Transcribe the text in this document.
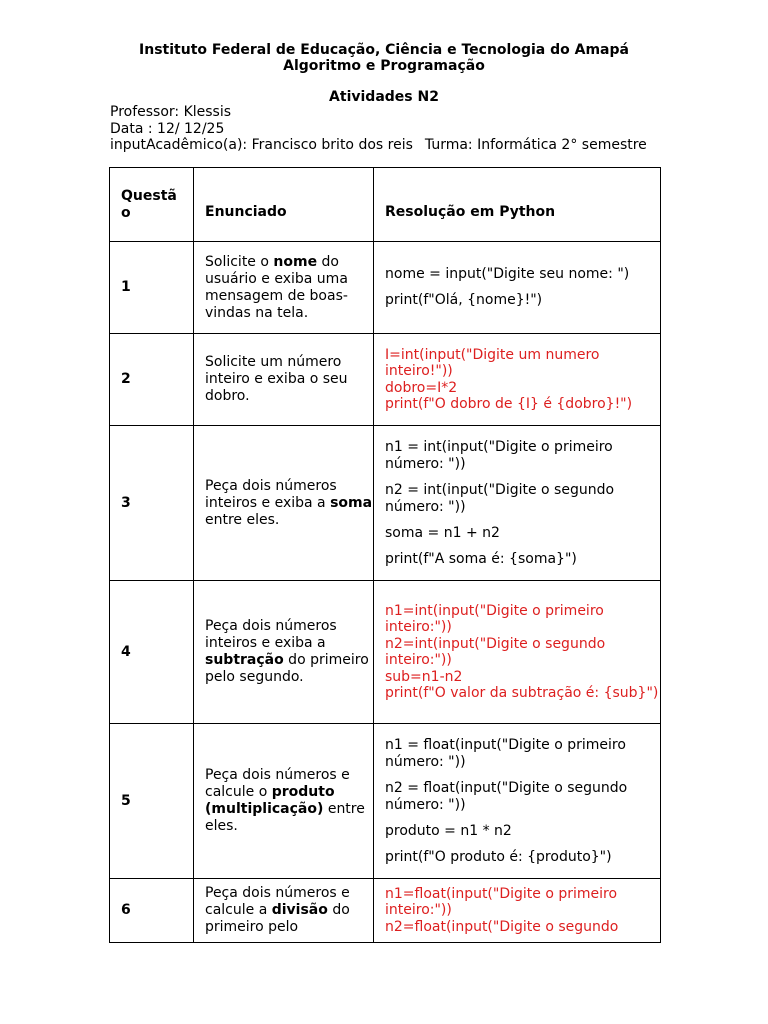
Instituto Federal de Educação, Ciência e Tecnologia do Amapá
Algoritmo e Programação
Atividades N2
Professor: Klessis
Data : 12/ 12/25
inputAcadêmico(a): Francisco brito dos reis Turma: Informática 2° semestre
Questão	Enunciado	Resolução em Python
1	Solicite o nome do usuário e exiba uma mensagem de boas-vindas na tela.	nome = input("Digite seu nome: ")

print(f"Olá, {nome}!")

2	Solicite um número inteiro e exiba o seu dobro.	I=int(input("Digite um numero inteiro!"))
dobro=I*2
print(f"O dobro de {I} é {dobro}!")

3	Peça dois números inteiros e exiba a soma entre eles.	n1 = int(input("Digite o primeiro número: "))

n2 = int(input("Digite o segundo número: "))

soma = n1 + n2

print(f"A soma é: {soma}")

4	Peça dois números inteiros e exiba a subtração do primeiro pelo segundo.	n1=int(input("Digite o primeiro inteiro:"))
n2=int(input("Digite o segundo inteiro:"))
sub=n1-n2
print(f"O valor da subtração é: {sub}")

5	Peça dois números e calcule o produto (multiplicação) entre eles.	n1 = float(input("Digite o primeiro número: "))

n2 = float(input("Digite o segundo número: "))

produto = n1 * n2

print(f"O produto é: {produto}")

6	Peça dois números e calcule a divisão do primeiro pelo	n1=float(input("Digite o primeiro inteiro:"))
n2=float(input("Digite o segundo
